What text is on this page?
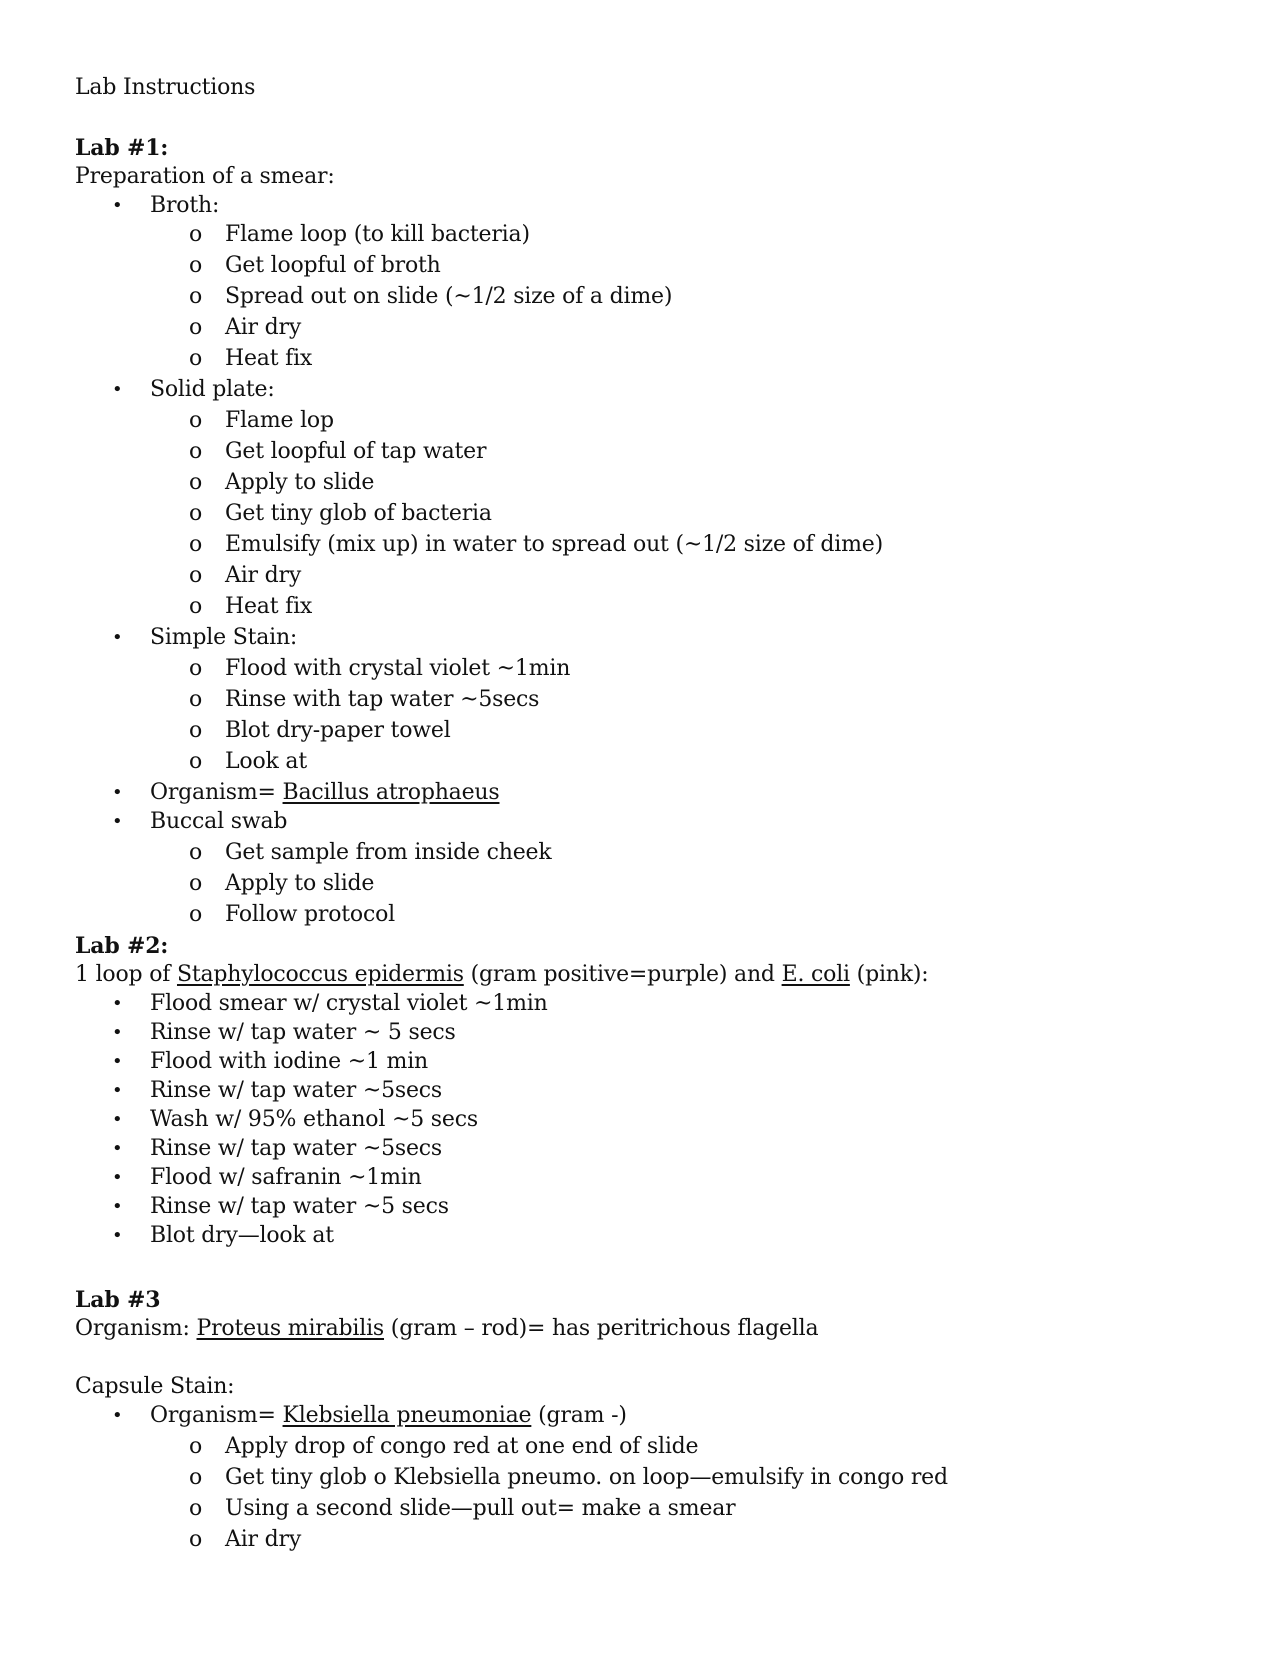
Lab Instructions
Lab #1:
Preparation of a smear:
• Broth:
o Flame loop (to kill bacteria)
o Get loopful of broth
o Spread out on slide (~1/2 size of a dime)
o Air dry
o Heat fix
• Solid plate:
o Flame lop
o Get loopful of tap water
o Apply to slide
o Get tiny glob of bacteria
o Emulsify (mix up) in water to spread out (~1/2 size of dime)
o Air dry
o Heat fix
• Simple Stain:
o Flood with crystal violet ~1min
o Rinse with tap water ~5secs
o Blot dry-paper towel
o Look at
• Organism= Bacillus atrophaeus
• Buccal swab
o Get sample from inside cheek
o Apply to slide
o Follow protocol
Lab #2:
1 loop of Staphylococcus epidermis (gram positive=purple) and E. coli (pink):
• Flood smear w/ crystal violet ~1min
• Rinse w/ tap water ~ 5 secs
• Flood with iodine ~1 min
• Rinse w/ tap water ~5secs
• Wash w/ 95% ethanol ~5 secs
• Rinse w/ tap water ~5secs
• Flood w/ safranin ~1min
• Rinse w/ tap water ~5 secs
• Blot dry—look at
Lab #3
Organism: Proteus mirabilis (gram – rod)= has peritrichous flagella
Capsule Stain:
• Organism= Klebsiella pneumoniae (gram -)
o Apply drop of congo red at one end of slide
o Get tiny glob o Klebsiella pneumo. on loop—emulsify in congo red
o Using a second slide—pull out= make a smear
o Air dry
